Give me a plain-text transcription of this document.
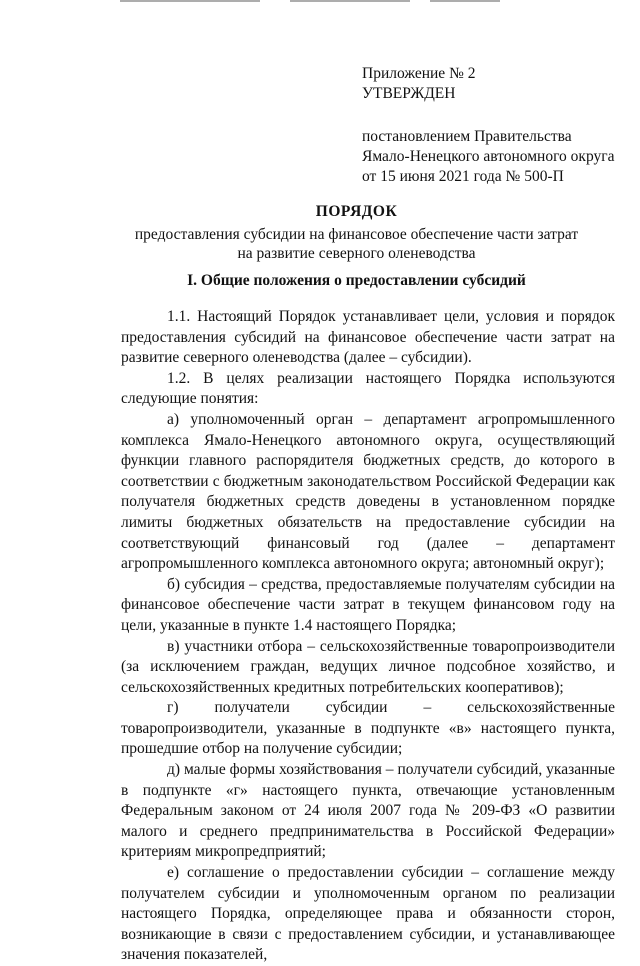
Приложение № 2
УТВЕРЖДЕН
постановлением Правительства
Ямало-Ненецкого автономного округа
от 15 июня 2021 года № 500-П
ПОРЯДОК
предоставления субсидии на финансовое обеспечение части затрат
на развитие северного оленеводства
I. Общие положения о предоставлении субсидий

1.1. Настоящий Порядок устанавливает цели, условия и порядок предоставления субсидий на финансовое обеспечение части затрат на развитие северного оленеводства (далее – субсидии).

1.2. В целях реализации настоящего Порядка используются следующие понятия:

а) уполномоченный орган – департамент агропромышленного комплекса Ямало-Ненецкого автономного округа, осуществляющий функции главного распорядителя бюджетных средств, до которого в соответствии с бюджетным законодательством Российской Федерации как получателя бюджетных средств доведены в установленном порядке лимиты бюджетных обязательств на предоставление субсидии на соответствующий финансовый год (далее – департамент агропромышленного комплекса автономного округа; автономный округ);

б) субсидия – средства, предоставляемые получателям субсидии на финансовое обеспечение части затрат в текущем финансовом году на цели, указанные в пункте 1.4 настоящего Порядка;

в) участники отбора – сельскохозяйственные товаропроизводители (за исключением граждан, ведущих личное подсобное хозяйство, и сельскохозяйственных кредитных потребительских кооперативов);

г) получатели субсидии – сельскохозяйственные товаропроизводители, указанные в подпункте «в» настоящего пункта, прошедшие отбор на получение субсидии;

д) малые формы хозяйствования – получатели субсидий, указанные в подпункте «г» настоящего пункта, отвечающие установленным Федеральным законом от 24 июля 2007 года № 209-ФЗ «О развитии малого и среднего предпринимательства в Российской Федерации» критериям микропредприятий;

е) соглашение о предоставлении субсидии – соглашение между получателем субсидии и уполномоченным органом по реализации настоящего Порядка, определяющее права и обязанности сторон, возникающие в связи с предоставлением субсидии, и устанавливающее значения показателей,
